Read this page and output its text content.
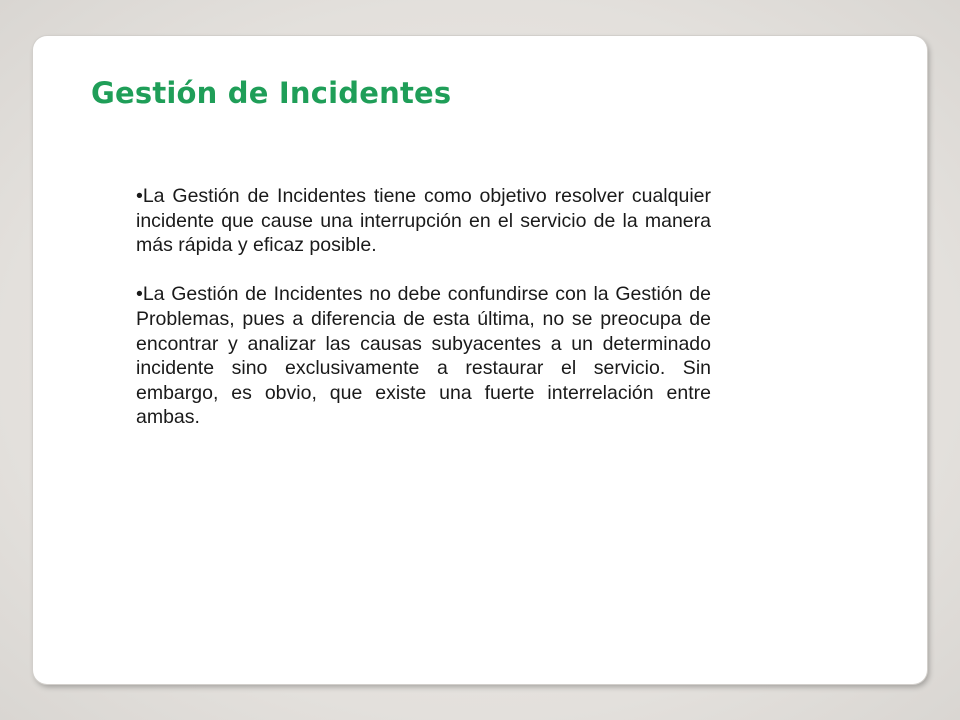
Gestión de Incidentes

•La Gestión de Incidentes tiene como objetivo resolver cualquier incidente que cause una interrupción en el servicio de la manera más rápida y eficaz posible.

•La Gestión de Incidentes no debe confundirse con la Gestión de Problemas, pues a diferencia de esta última, no se preocupa de encontrar y analizar las causas subyacentes a un determinado incidente sino exclusivamente a restaurar el servicio. Sin embargo, es obvio, que existe una fuerte interrelación entre ambas.
